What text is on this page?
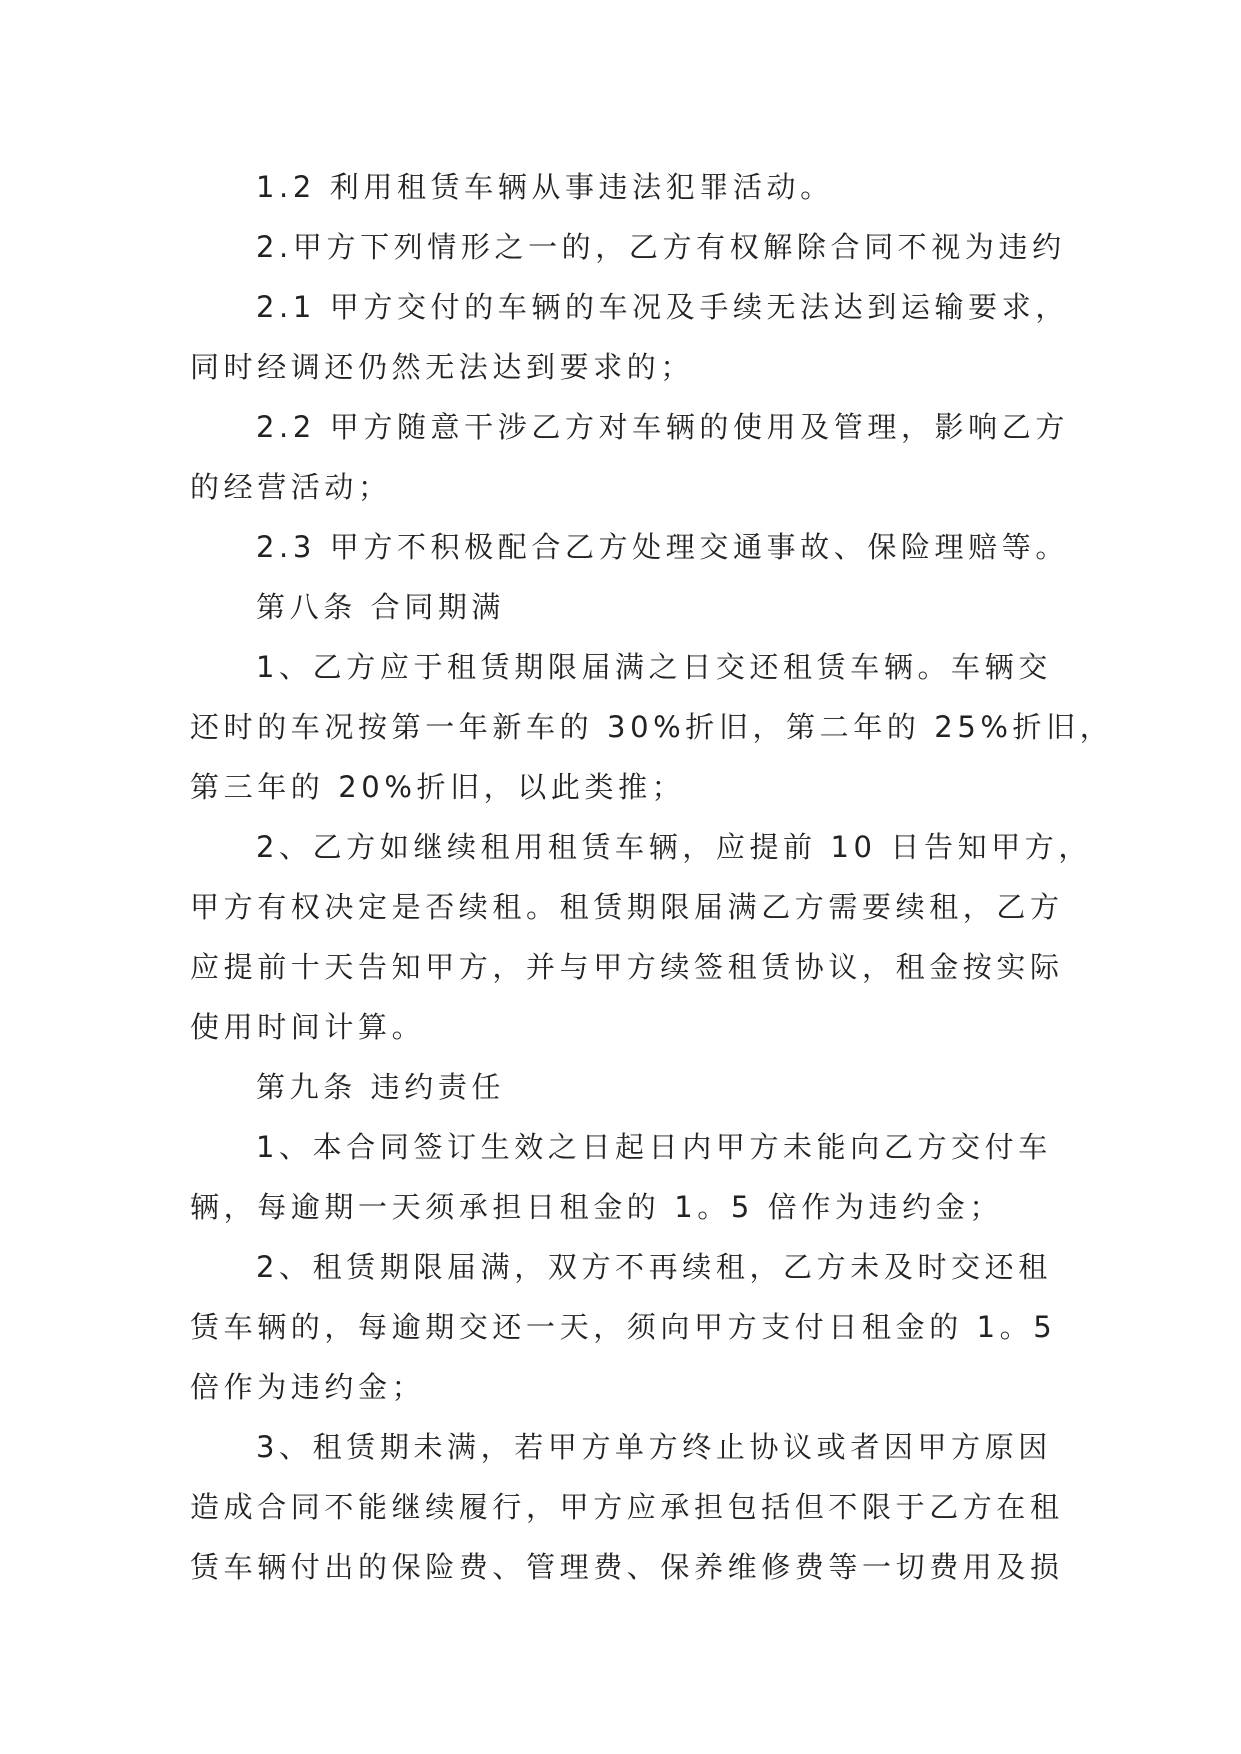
1.2 利用租赁车辆从事违法犯罪活动。
2.甲方下列情形之一的，乙方有权解除合同不视为违约
2.1 甲方交付的车辆的车况及手续无法达到运输要求，
同时经调还仍然无法达到要求的；
2.2 甲方随意干涉乙方对车辆的使用及管理，影响乙方
的经营活动；
2.3 甲方不积极配合乙方处理交通事故、保险理赔等。
第八条 合同期满
1、乙方应于租赁期限届满之日交还租赁车辆。车辆交
还时的车况按第一年新车的 30%折旧，第二年的 25%折旧，
第三年的 20%折旧，以此类推；
2、乙方如继续租用租赁车辆，应提前 10 日告知甲方，
甲方有权决定是否续租。租赁期限届满乙方需要续租，乙方
应提前十天告知甲方，并与甲方续签租赁协议，租金按实际
使用时间计算。
第九条 违约责任
1、本合同签订生效之日起日内甲方未能向乙方交付车
辆，每逾期一天须承担日租金的 1。5 倍作为违约金；
2、租赁期限届满，双方不再续租，乙方未及时交还租
赁车辆的，每逾期交还一天，须向甲方支付日租金的 1。5
倍作为违约金；
3、租赁期未满，若甲方单方终止协议或者因甲方原因
造成合同不能继续履行，甲方应承担包括但不限于乙方在租
赁车辆付出的保险费、管理费、保养维修费等一切费用及损
